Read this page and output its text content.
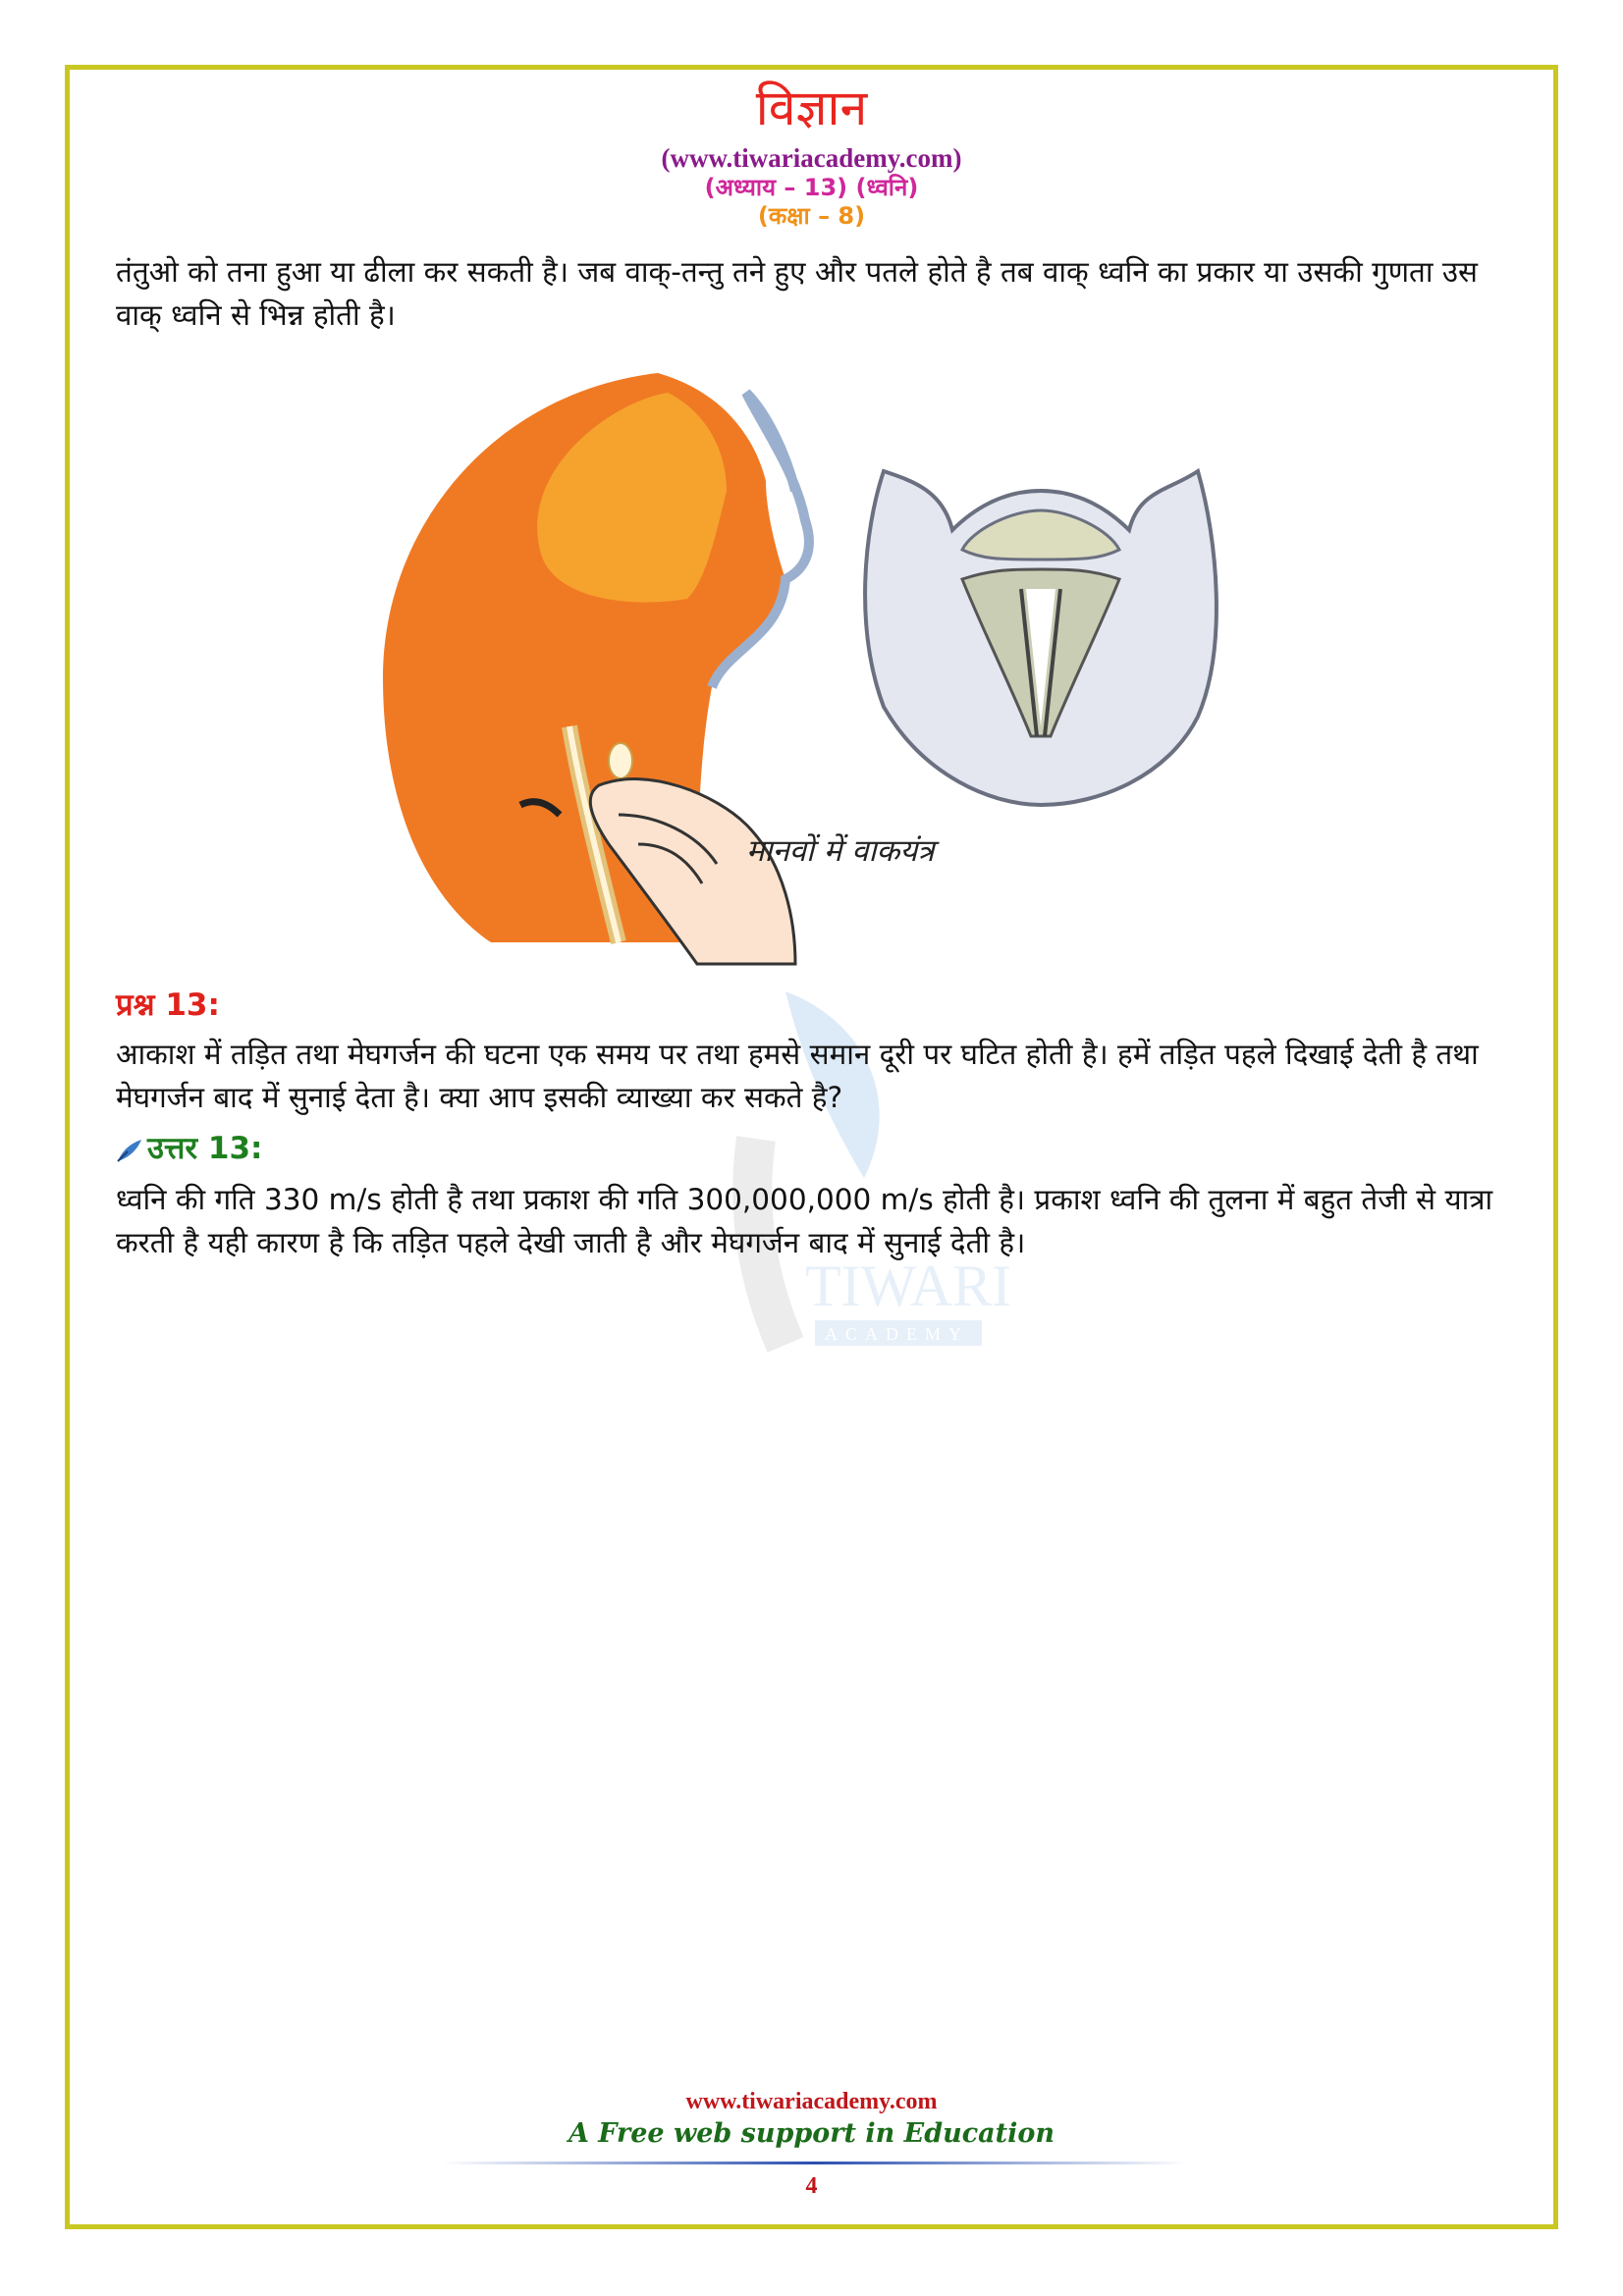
विज्ञान
(www.tiwariacademy.com)
(अध्याय – 13) (ध्वनि)
(कक्षा – 8)
तंतुओ को तना हुआ या ढीला कर सकती है। जब वाक्-तन्तु तने हुए और पतले होते है तब वाक् ध्वनि का प्रकार या उसकी गुणता उस वाक् ध्वनि से भिन्न होती है।
मानवों में वाकयंत्र
TIWARI
ACADEMY
प्रश्न 13:
आकाश में तड़ित तथा मेघगर्जन की घटना एक समय पर तथा हमसे समान दूरी पर घटित होती है। हमें तड़ित पहले दिखाई देती है तथा मेघगर्जन बाद में सुनाई देता है। क्या आप इसकी व्याख्या कर सकते है?
उत्तर 13:
ध्वनि की गति 330 m/s होती है तथा प्रकाश की गति 300,000,000 m/s होती है। प्रकाश ध्वनि की तुलना में बहुत तेजी से यात्रा करती है यही कारण है कि तड़ित पहले देखी जाती है और मेघगर्जन बाद में सुनाई देती है।
www.tiwariacademy.com
A Free web support in Education
4
